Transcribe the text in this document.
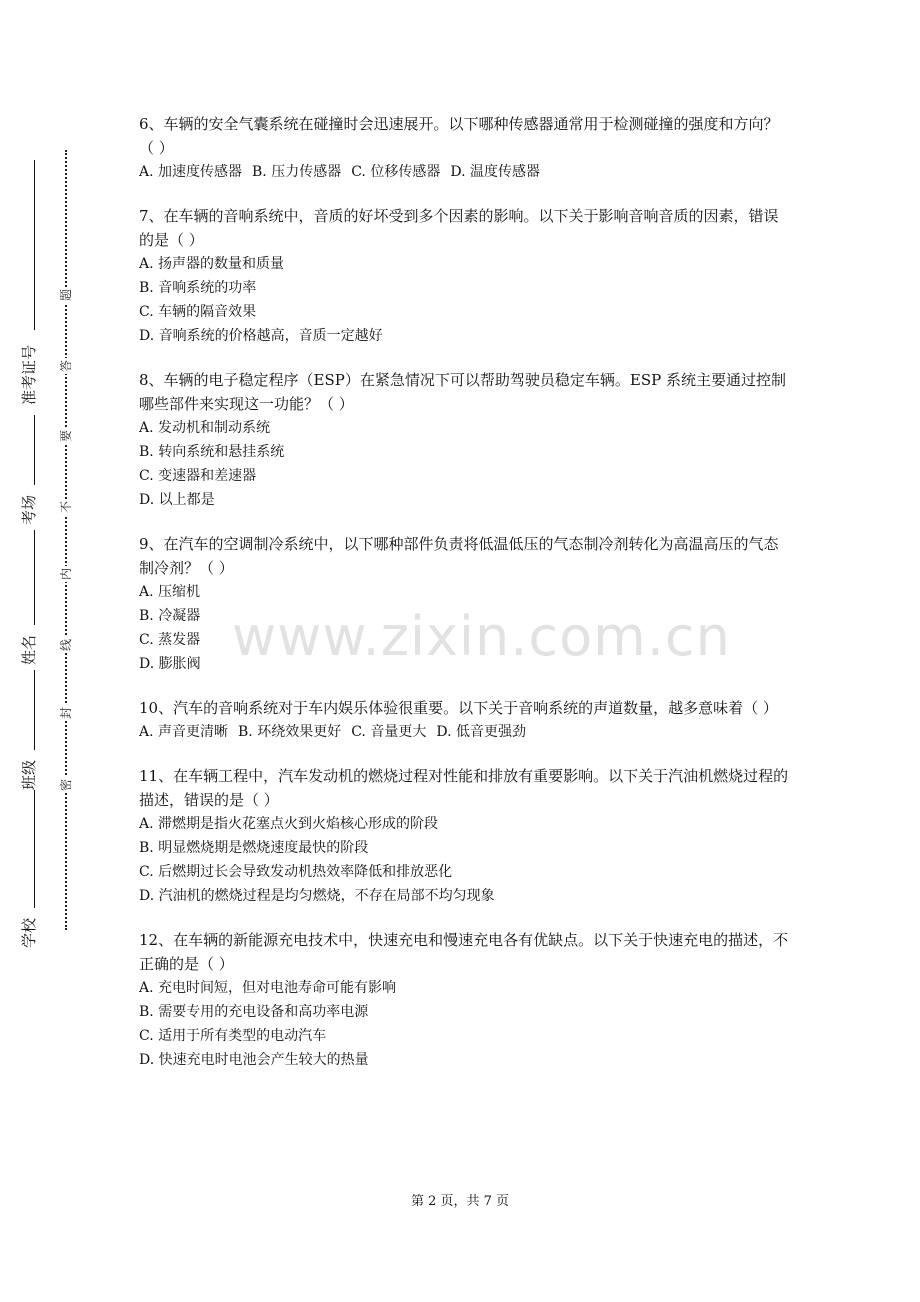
学校
班级
姓名
考场
准考证号
密
封
线
内
不
要
答
题

6、车辆的安全气囊系统在碰撞时会迅速展开。以下哪种传感器通常用于检测碰撞的强度和方向？（ ）

A. 加速度传感器 B. 压力传感器 C. 位移传感器 D. 温度传感器

7、在车辆的音响系统中，音质的好坏受到多个因素的影响。以下关于影响音响音质的因素，错误的是（ ）

A. 扬声器的数量和质量

B. 音响系统的功率

C. 车辆的隔音效果

D. 音响系统的价格越高，音质一定越好

8、车辆的电子稳定程序（ESP）在紧急情况下可以帮助驾驶员稳定车辆。ESP 系统主要通过控制哪些部件来实现这一功能？（ ）

A. 发动机和制动系统

B. 转向系统和悬挂系统

C. 变速器和差速器

D. 以上都是

9、在汽车的空调制冷系统中，以下哪种部件负责将低温低压的气态制冷剂转化为高温高压的气态制冷剂？（ ）

A. 压缩机

B. 冷凝器

C. 蒸发器

D. 膨胀阀

10、汽车的音响系统对于车内娱乐体验很重要。以下关于音响系统的声道数量，越多意味着（ ）

A. 声音更清晰 B. 环绕效果更好 C. 音量更大 D. 低音更强劲

11、在车辆工程中，汽车发动机的燃烧过程对性能和排放有重要影响。以下关于汽油机燃烧过程的描述，错误的是（ ）

A. 滞燃期是指火花塞点火到火焰核心形成的阶段

B. 明显燃烧期是燃烧速度最快的阶段

C. 后燃期过长会导致发动机热效率降低和排放恶化

D. 汽油机的燃烧过程是均匀燃烧，不存在局部不均匀现象

12、在车辆的新能源充电技术中，快速充电和慢速充电各有优缺点。以下关于快速充电的描述，不正确的是（ ）

A. 充电时间短，但对电池寿命可能有影响

B. 需要专用的充电设备和高功率电源

C. 适用于所有类型的电动汽车

D. 快速充电时电池会产生较大的热量

www.zixin.com.cn
第 2 页，共 7 页
